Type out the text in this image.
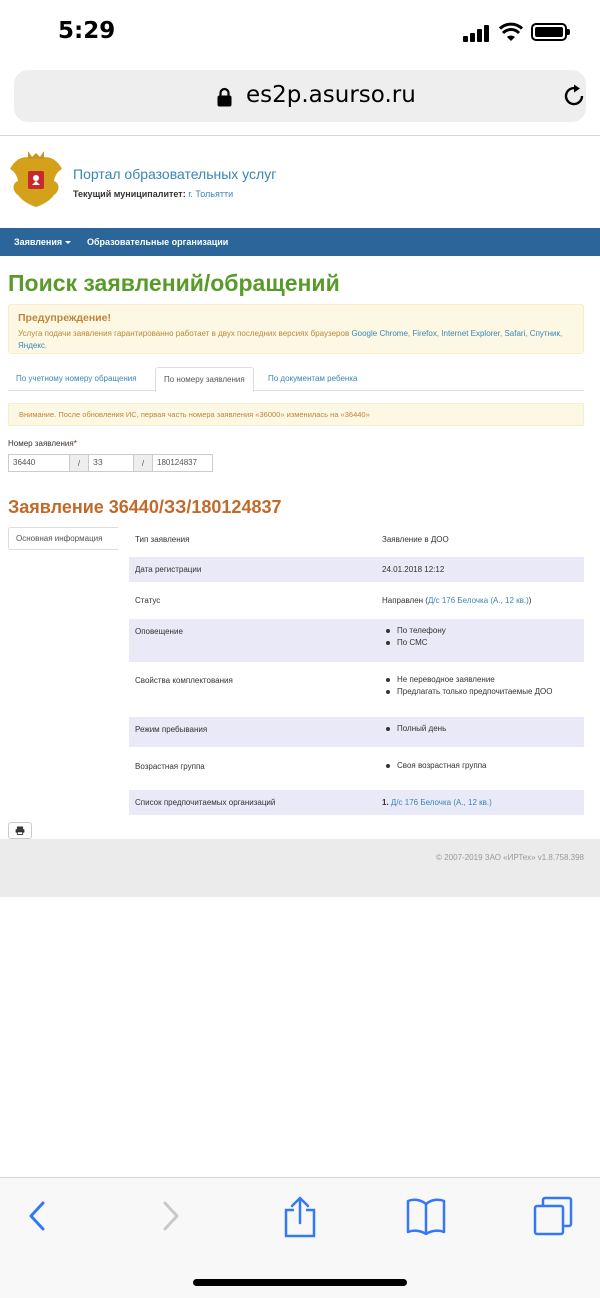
5:29
es2p.asurso.ru
Портал образовательных услуг
Текущий муниципалитет: г. Тольятти
Заявления	Образовательные организации
Поиск заявлений/обращений
Предупреждение!
Услуга подачи заявления гарантированно работает в двух последних версиях браузеров Google Chrome, Firefox, Internet Explorer, Safari, Спутник, Яндекс.
По учетному номеру обращения	По номеру заявления	По документам ребенка
Внимание. После обновления ИС, первая часть номера заявления «36000» изменилась на «36440»
Номер заявления*
36440	/	ЗЗ	/	180124837
Заявление 36440/ЗЗ/180124837
Основная информация	Тип заявления	Заявление в ДОО
Дата регистрации	24.01.2018 12:12
Статус	Направлен (Д/с 176 Белочка (А., 12 кв.))
Оповещение	По телефону
По СМС
Свойства комплектования	Не переводное заявление
Предлагать только предпочитаемые ДОО
Режим пребывания	Полный день
Возрастная группа	Своя возрастная группа
Список предпочитаемых организаций	1. Д/с 176 Белочка (А., 12 кв.)
© 2007-2019 ЗАО «ИРТех» v1.8.758.398
